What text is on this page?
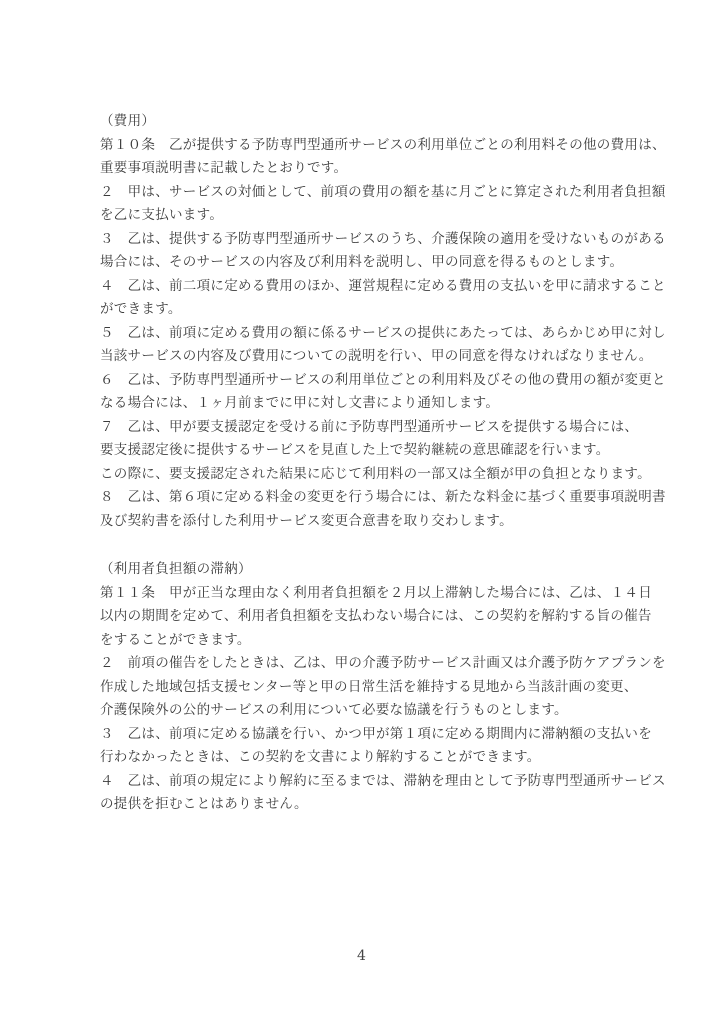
（費用）
第１０条　乙が提供する予防専門型通所サービスの利用単位ごとの利用料その他の費用は、
重要事項説明書に記載したとおりです。
２　甲は、サービスの対価として、前項の費用の額を基に月ごとに算定された利用者負担額
を乙に支払います。
３　乙は、提供する予防専門型通所サービスのうち、介護保険の適用を受けないものがある
場合には、そのサービスの内容及び利用料を説明し、甲の同意を得るものとします。
４　乙は、前二項に定める費用のほか、運営規程に定める費用の支払いを甲に請求すること
ができます。
５　乙は、前項に定める費用の額に係るサービスの提供にあたっては、あらかじめ甲に対し
当該サービスの内容及び費用についての説明を行い、甲の同意を得なければなりません。
６　乙は、予防専門型通所サービスの利用単位ごとの利用料及びその他の費用の額が変更と
なる場合には、１ヶ月前までに甲に対し文書により通知します。
７　乙は、甲が要支援認定を受ける前に予防専門型通所サービスを提供する場合には、
要支援認定後に提供するサービスを見直した上で契約継続の意思確認を行います。
この際に、要支援認定された結果に応じて利用料の一部又は全額が甲の負担となります。
８　乙は、第６項に定める料金の変更を行う場合には、新たな料金に基づく重要事項説明書
及び契約書を添付した利用サービス変更合意書を取り交わします。
（利用者負担額の滞納）
第１１条　甲が正当な理由なく利用者負担額を２月以上滞納した場合には、乙は、１４日
以内の期間を定めて、利用者負担額を支払わない場合には、この契約を解約する旨の催告
をすることができます。
２　前項の催告をしたときは、乙は、甲の介護予防サービス計画又は介護予防ケアプランを
作成した地域包括支援センター等と甲の日常生活を維持する見地から当該計画の変更、
介護保険外の公的サービスの利用について必要な協議を行うものとします。
３　乙は、前項に定める協議を行い、かつ甲が第１項に定める期間内に滞納額の支払いを
行わなかったときは、この契約を文書により解約することができます。
４　乙は、前項の規定により解約に至るまでは、滞納を理由として予防専門型通所サービス
の提供を拒むことはありません。
4
